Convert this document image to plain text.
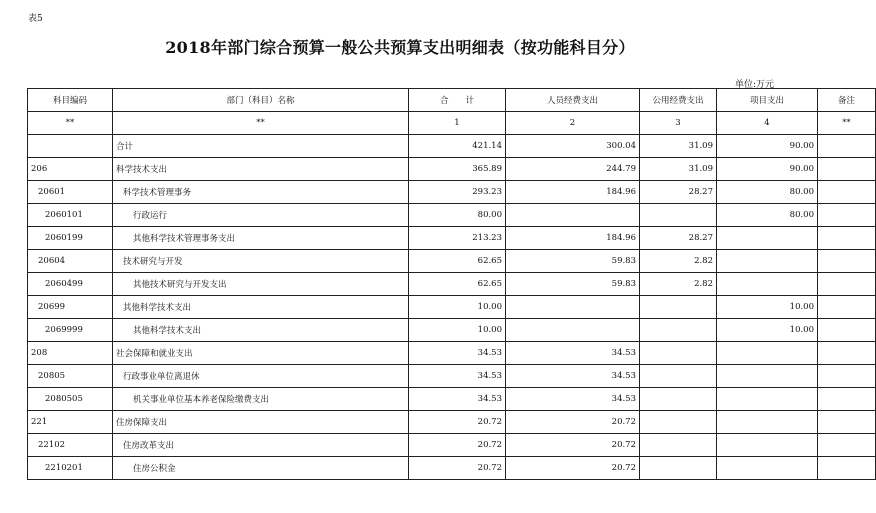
表5
2018年部门综合预算一般公共预算支出明细表（按功能科目分）
单位:万元
科目编码	部门（科目）名称	合　　计	人员经费支出	公用经费支出	项目支出	备注
**	**	1	2	3	4	**
	合计	421.14	300.04	31.09	90.00	
206	科学技术支出	365.89	244.79	31.09	90.00	
20601	科学技术管理事务	293.23	184.96	28.27	80.00	
2060101	行政运行	80.00			80.00	
2060199	其他科学技术管理事务支出	213.23	184.96	28.27		
20604	技术研究与开发	62.65	59.83	2.82		
2060499	其他技术研究与开发支出	62.65	59.83	2.82		
20699	其他科学技术支出	10.00			10.00	
2069999	其他科学技术支出	10.00			10.00	
208	社会保障和就业支出	34.53	34.53			
20805	行政事业单位离退休	34.53	34.53			
2080505	机关事业单位基本养老保险缴费支出	34.53	34.53			
221	住房保障支出	20.72	20.72			
22102	住房改革支出	20.72	20.72			
2210201	住房公积金	20.72	20.72			
